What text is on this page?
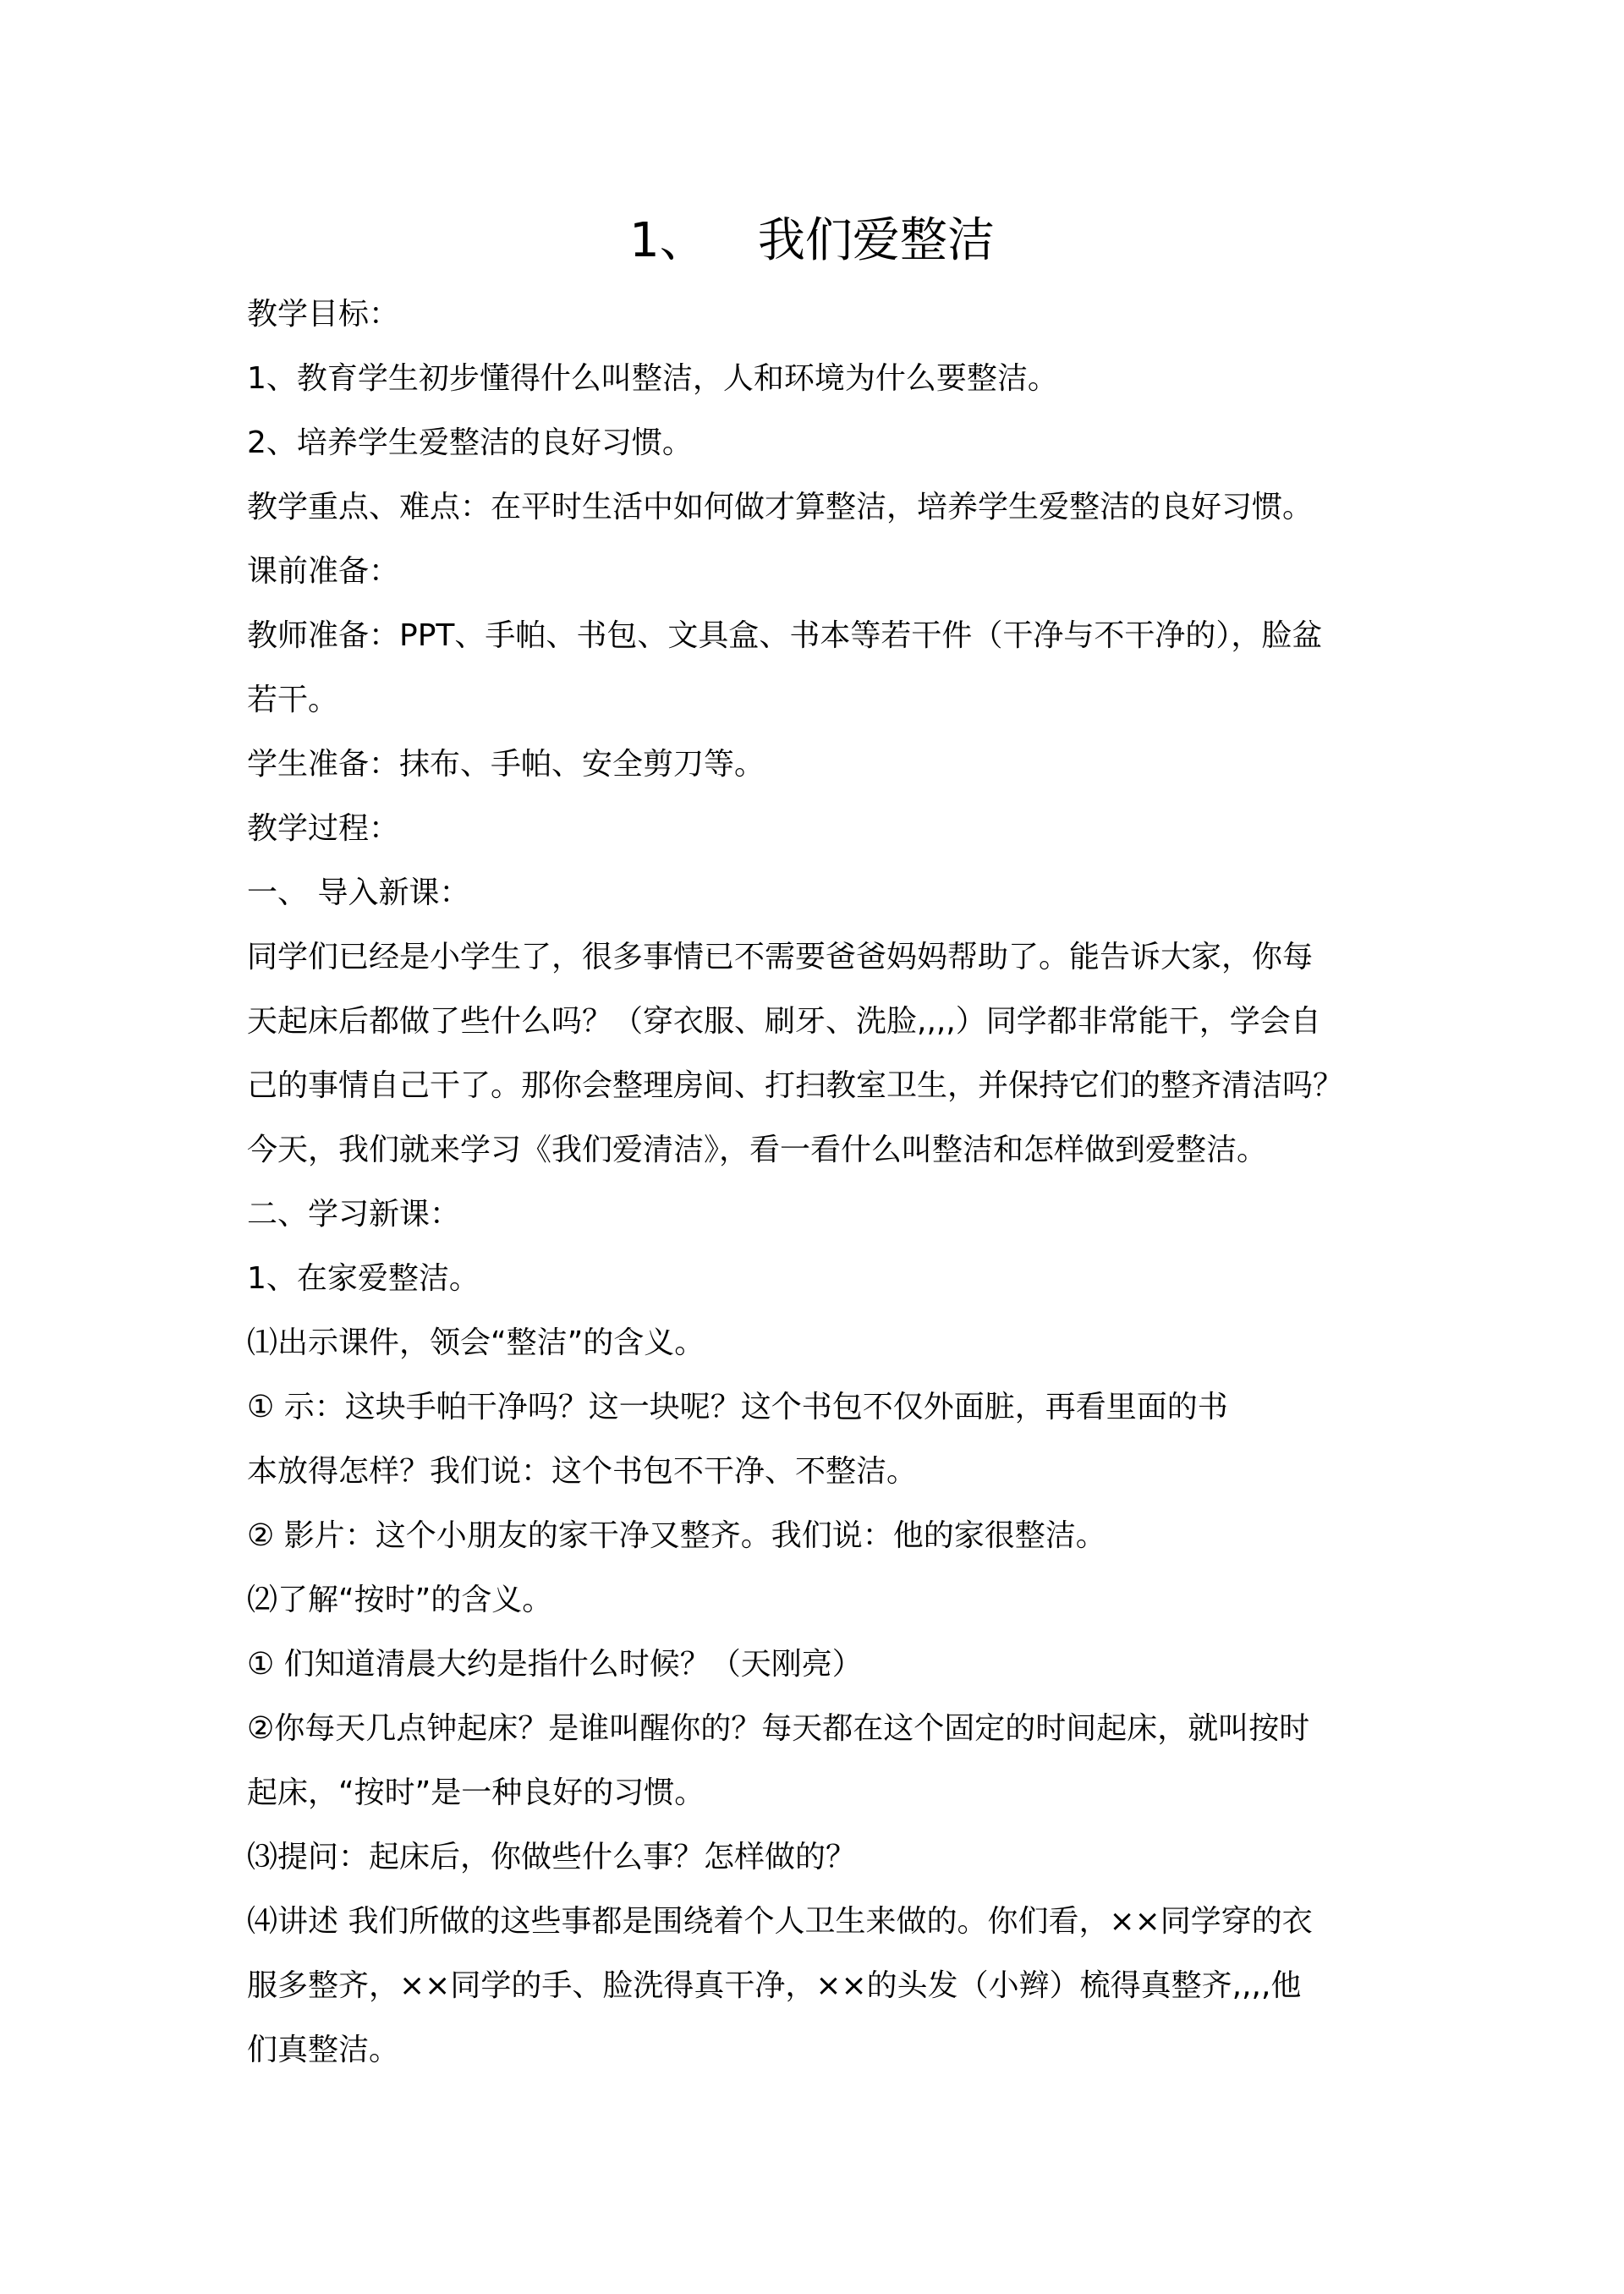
1、 我们爱整洁
教学目标：
1、教育学生初步懂得什么叫整洁，人和环境为什么要整洁。
2、培养学生爱整洁的良好习惯。
教学重点、难点：在平时生活中如何做才算整洁，培养学生爱整洁的良好习惯。
课前准备：
教师准备：PPT、手帕、书包、文具盒、书本等若干件（干净与不干净的），脸盆
若干。
学生准备：抹布、手帕、安全剪刀等。
教学过程：
一、 导入新课：
同学们已经是小学生了，很多事情已不需要爸爸妈妈帮助了。能告诉大家，你每
天起床后都做了些什么吗？（穿衣服、刷牙、洗脸,,,,）同学都非常能干，学会自
己的事情自己干了。那你会整理房间、打扫教室卫生，并保持它们的整齐清洁吗？
今天，我们就来学习《我们爱清洁》，看一看什么叫整洁和怎样做到爱整洁。
二、学习新课：
1、在家爱整洁。
⑴出示课件，领会“整洁”的含义。
① 示：这块手帕干净吗？这一块呢？这个书包不仅外面脏，再看里面的书
本放得怎样？我们说：这个书包不干净、不整洁。
② 影片：这个小朋友的家干净又整齐。我们说：他的家很整洁。
⑵了解“按时”的含义。
① 们知道清晨大约是指什么时候？（天刚亮）
②你每天几点钟起床？是谁叫醒你的？每天都在这个固定的时间起床，就叫按时
起床，“按时”是一种良好的习惯。
⑶提问：起床后，你做些什么事？怎样做的？
⑷讲述 我们所做的这些事都是围绕着个人卫生来做的。你们看，××同学穿的衣
服多整齐，××同学的手、脸洗得真干净，××的头发（小辫）梳得真整齐,,,,他
们真整洁。
